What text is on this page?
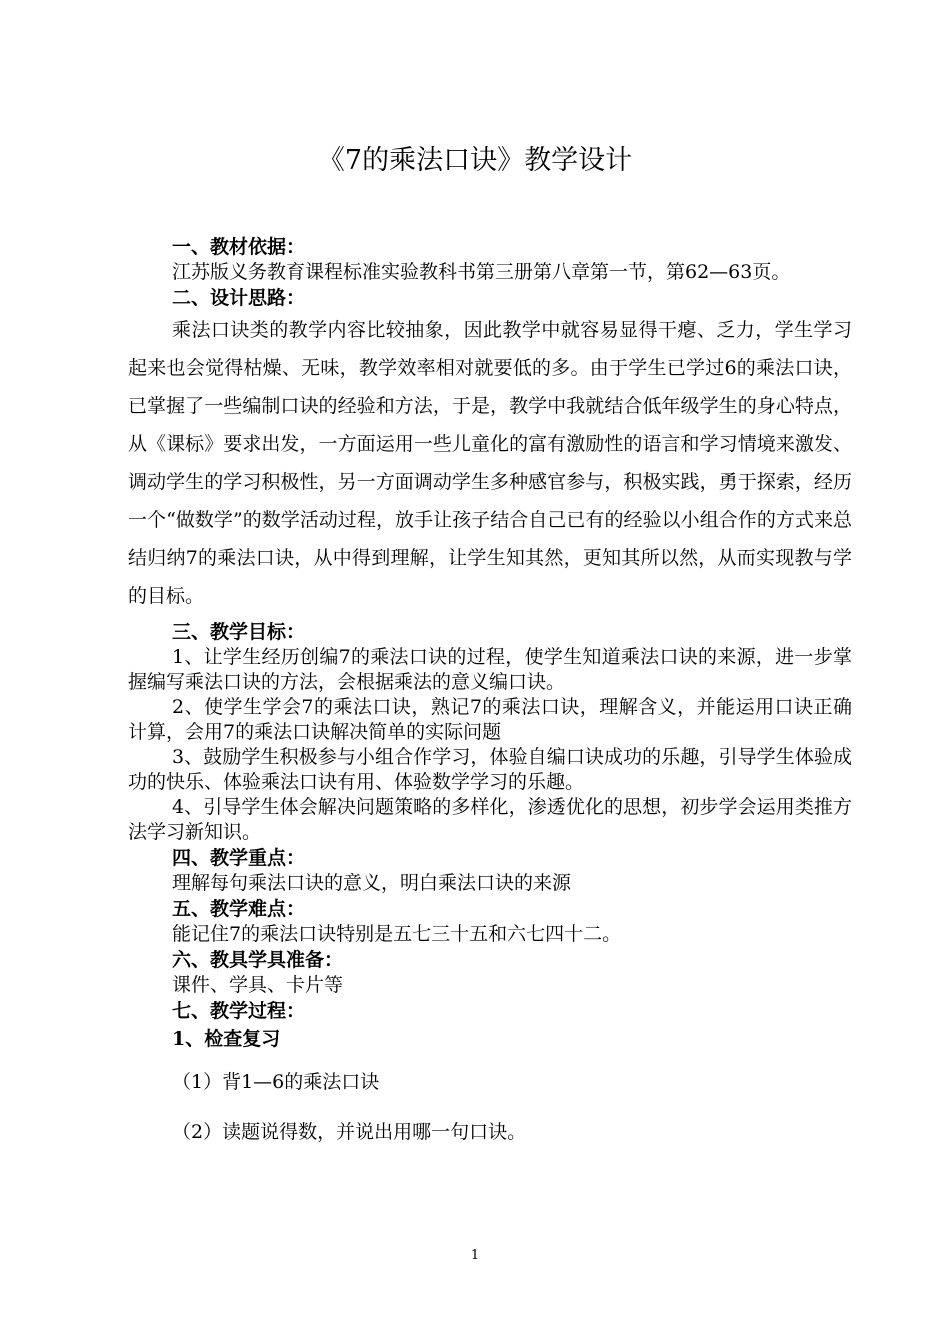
《7的乘法口诀》教学设计

一、教材依据：

江苏版义务教育课程标准实验教科书第三册第八章第一节，第62—63页。

二、设计思路：

乘法口诀类的教学内容比较抽象，因此教学中就容易显得干瘪、乏力，学生学习起来也会觉得枯燥、无味，教学效率相对就要低的多。由于学生已学过6的乘法口诀，已掌握了一些编制口诀的经验和方法，于是，教学中我就结合低年级学生的身心特点，从《课标》要求出发，一方面运用一些儿童化的富有激励性的语言和学习情境来激发、调动学生的学习积极性，另一方面调动学生多种感官参与，积极实践，勇于探索，经历一个“做数学”的数学活动过程，放手让孩子结合自己已有的经验以小组合作的方式来总结归纳7的乘法口诀，从中得到理解，让学生知其然，更知其所以然，从而实现教与学的目标。

三、教学目标：

1、让学生经历创编7的乘法口诀的过程，使学生知道乘法口诀的来源，进一步掌握编写乘法口诀的方法，会根据乘法的意义编口诀。

2、使学生学会7的乘法口诀，熟记7的乘法口诀，理解含义，并能运用口诀正确计算，会用7的乘法口诀解决简单的实际问题

3、鼓励学生积极参与小组合作学习，体验自编口诀成功的乐趣，引导学生体验成功的快乐、体验乘法口诀有用、体验数学学习的乐趣。

4、引导学生体会解决问题策略的多样化，渗透优化的思想，初步学会运用类推方法学习新知识。

四、教学重点：

理解每句乘法口诀的意义，明白乘法口诀的来源

五、教学难点：

能记住7的乘法口诀特别是五七三十五和六七四十二。

六、教具学具准备：

课件、学具、卡片等

七、教学过程：

1、检查复习

（1）背1—6的乘法口诀

（2）读题说得数，并说出用哪一句口诀。

1
